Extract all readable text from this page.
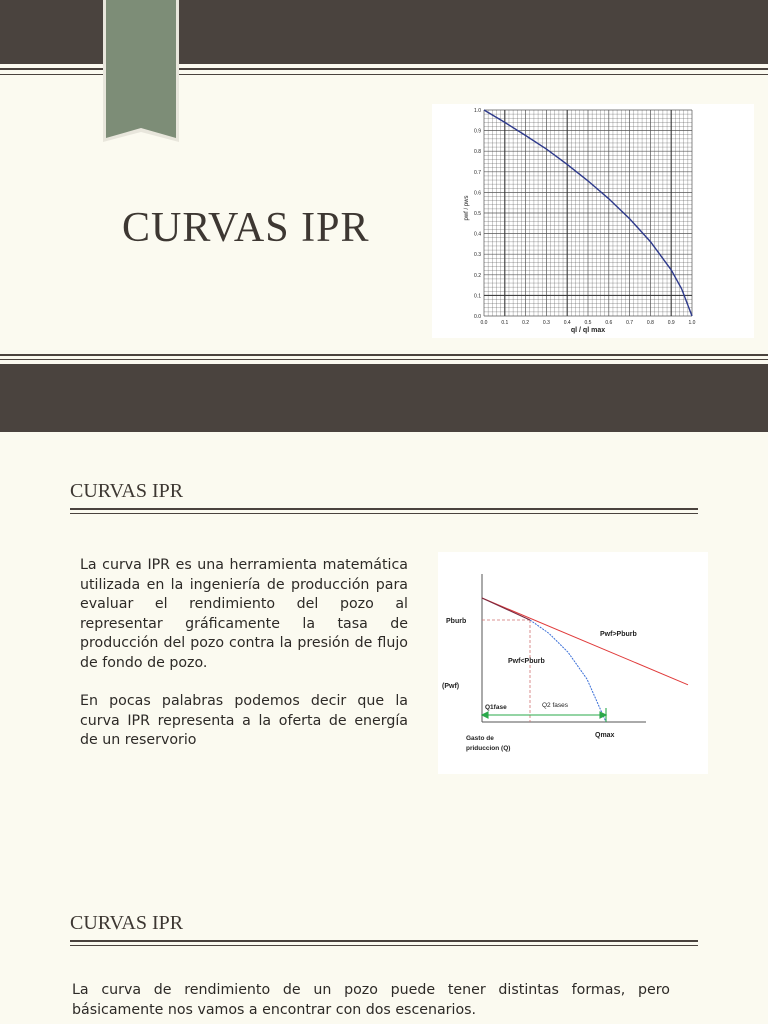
CURVAS IPR
0.0	0.1	0.2	0.3	0.4	0.5	0.6	0.7	0.8	0.9	1.0
0.0
0.1
0.2
0.3
0.4
0.5
0.6
0.7
0.8
0.9
1.0
ql / ql max
pwf / pws
CURVAS IPR

La curva IPR es una herramienta matemática utilizada en la ingeniería de producción para evaluar el rendimiento del pozo al representar gráficamente la tasa de producción del pozo contra la presión de flujo de fondo de pozo.

En pocas palabras podemos decir que la curva IPR representa a la oferta de energía de un reservorio

Pburb
Pwf>Pburb
Pwf<Pburb
(Pwf)
Q1fase	Q2 fases
Qmax
Gasto de priduccion (Q)
CURVAS IPR

La curva de rendimiento de un pozo puede tener distintas formas, pero básicamente nos vamos a encontrar con dos escenarios.
